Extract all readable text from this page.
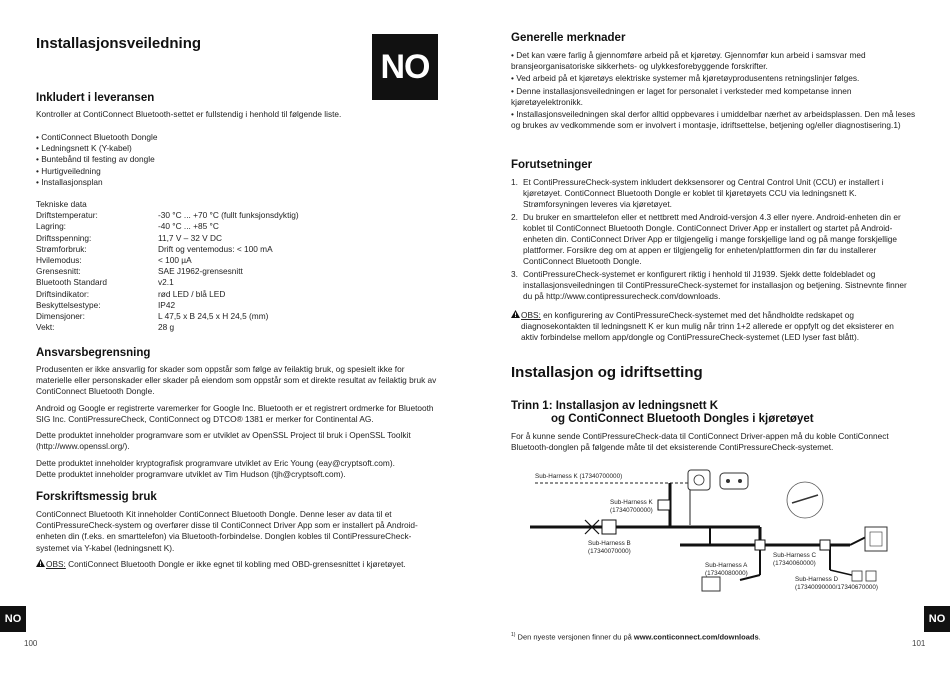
Installasjonsveiledning
NO
Inkludert i leveransen
Kontroller at ContiConnect Bluetooth-settet er fullstendig i henhold til følgende liste.
• ContiConnect Bluetooth Dongle
• Ledningsnett K (Y-kabel)
• Buntebånd til festing av dongle
• Hurtigveiledning
• Installasjonsplan
Tekniske data
Driftstemperatur:	-30 °C ... +70 °C (fullt funksjonsdyktig)
Lagring:	-40 °C ... +85 °C
Driftsspenning:	11,7 V – 32 V DC
Strømforbruk:	Drift og ventemodus: < 100 mA
Hvilemodus:	< 100 µA
Grensesnitt:	SAE J1962-grensesnitt
Bluetooth Standard	v2.1
Driftsindikator:	rød LED / blå LED
Beskyttelsestype:	IP42
Dimensjoner:	L 47,5 x B 24,5 x H 24,5 (mm)
Vekt:	28 g
Ansvarsbegrensning
Produsenten er ikke ansvarlig for skader som oppstår som følge av feilaktig bruk, og spesielt ikke for materielle eller personskader eller skader på eiendom som oppstår som et direkte resultat av feilaktig bruk av ContiConnect Bluetooth Dongle.
Android og Google er registrerte varemerker for Google Inc. Bluetooth er et registrert ordmerke for Bluetooth SIG Inc. ContiPressureCheck, ContiConnect og DTCO® 1381 er merker for Continental AG.
Dette produktet inneholder programvare som er utviklet av OpenSSL Project til bruk i OpenSSL Toolkit (http://www.openssl.org/).
Dette produktet inneholder kryptografisk programvare utviklet av Eric Young (eay@cryptsoft.com).
Dette produktet inneholder programvare utviklet av Tim Hudson (tjh@cryptsoft.com).
Forskriftsmessig bruk
ContiConnect Bluetooth Kit inneholder ContiConnect Bluetooth Dongle. Denne leser av data til et ContiPressureCheck-system og overfører disse til ContiConnect Driver App som er installert på Android-enheten din (f.eks. en smarttelefon) via Bluetooth-forbindelse. Donglen kobles til ContiPressureCheck-systemet via Y-kabel (ledningsnett K).
OBS: ContiConnect Bluetooth Dongle er ikke egnet til kobling med OBD-grensesnittet i kjøretøyet.
NO
100
Generelle merknader
• Det kan være farlig å gjennomføre arbeid på et kjøretøy. Gjennomfør kun arbeid i samsvar med bransjeorganisatoriske sikkerhets- og ulykkesforebyggende forskrifter.
• Ved arbeid på et kjøretøys elektriske systemer må kjøretøyprodusentens retningslinjer følges.
• Denne installasjonsveiledningen er laget for personalet i verksteder med kompetanse innen kjøretøyelektronikk.
• Installasjonsveiledningen skal derfor alltid oppbevares i umiddelbar nærhet av arbeidsplassen. Den må leses og brukes av vedkommende som er involvert i montasje, idriftsettelse, betjening og/eller diagnostisering.1)
Forutsetninger
1. Et ContiPressureCheck-system inkludert dekksensorer og Central Control Unit (CCU) er installert i kjøretøyet. ContiConnect Bluetooth Dongle er koblet til kjøretøyets CCU via ledningsnett K. Strømforsyningen leveres via kjøretøyet.
2. Du bruker en smarttelefon eller et nettbrett med Android-versjon 4.3 eller nyere. Android-enheten din er koblet til ContiConnect Bluetooth Dongle. ContiConnect Driver App er installert og startet på Android-enheten din. ContiConnect Driver App er tilgjengelig i mange forskjellige land og på mange forskjellige plattformer. Forsikre deg om at appen er tilgjengelig for enheten/plattformen din før du installerer ContiConnect Bluetooth Dongle.
3. ContiPressureCheck-systemet er konfigurert riktig i henhold til J1939. Sjekk dette foldebladet og installasjonsveiledningen til ContiPressureCheck-systemet for installasjon og betjening. Sistnevnte finner du på http://www.contipressurecheck.com/downloads.
OBS: en konfigurering av ContiPressureCheck-systemet med det håndholdte redskapet og diagnosekontakten til ledningsnett K er kun mulig når trinn 1+2 allerede er oppfylt og det eksisterer en aktiv forbindelse mellom app/dongle og ContiPressureCheck-systemet (LED lyser fast blått).
Installasjon og idriftsetting
Trinn 1: Installasjon av ledningsnett K
og ContiConnect Bluetooth Dongles i kjøretøyet
For å kunne sende ContiPressureCheck-data til ContiConnect Driver-appen må du koble ContiConnect Bluetooth-donglen på følgende måte til det eksisterende ContiPressureCheck-systemet.
$^{1)}$ Den nyeste versjonen finner du på www.conticonnect.com/downloads.
NO
101
Sub-Harness K (17340700000)
Sub-Harness K
(17340700000)
Sub-Harness B
(17340070000)
Sub-Harness A
(17340080000)
Sub-Harness C
(17340060000)
Sub-Harness D
(17340090000/17340670000)
